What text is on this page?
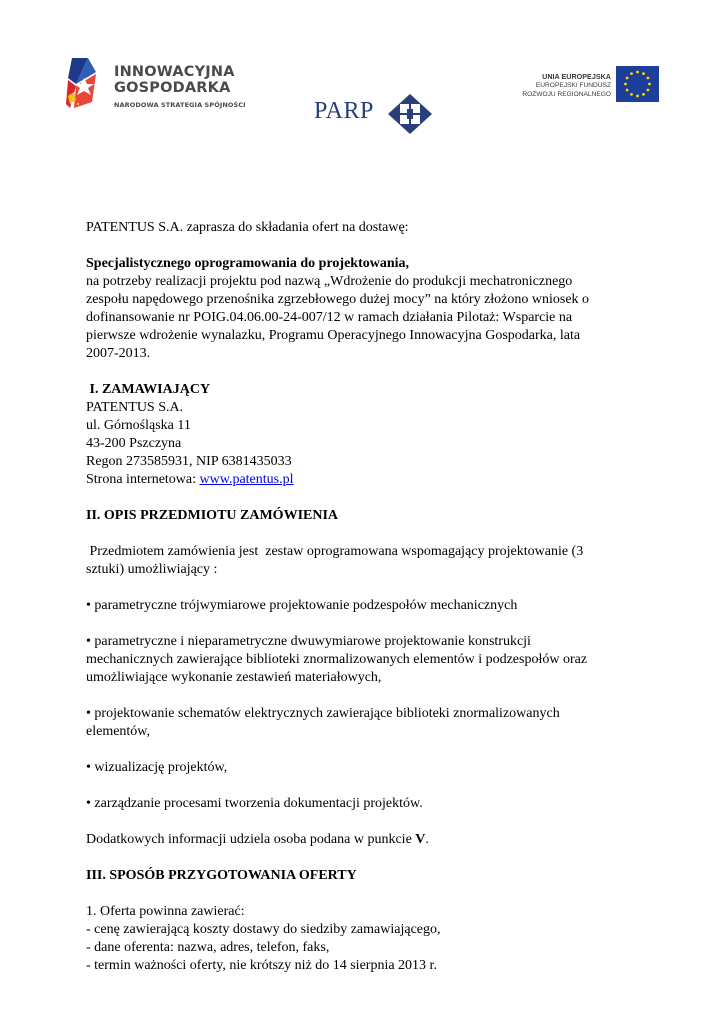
INNOWACYJNA
GOSPODARKA
NARODOWA STRATEGIA SPÓJNOŚCI	PARP
UNIA EUROPEJSKA
EUROPEJSKI FUNDUSZ
ROZWOJU REGIONALNEGO

PATENTUS S.A. zaprasza do składania ofert na dostawę:

Specjalistycznego oprogramowania do projektowania,

na potrzeby realizacji projektu pod nazwą „Wdrożenie do produkcji mechatronicznego

zespołu napędowego przenośnika zgrzebłowego dużej mocy” na który złożono wniosek o

dofinansowanie nr POIG.04.06.00-24-007/12 w ramach działania Pilotaż: Wsparcie na

pierwsze wdrożenie wynalazku, Programu Operacyjnego Innowacyjna Gospodarka, lata

2007-2013.

I. ZAMAWIAJĄCY

PATENTUS S.A.

ul. Górnośląska 11

43-200 Pszczyna

Regon 273585931, NIP 6381435033

Strona internetowa: www.patentus.pl

II. OPIS PRZEDMIOTU ZAMÓWIENIA

Przedmiotem zamówienia jest  zestaw oprogramowana wspomagający projektowanie (3

sztuki) umożliwiający :

• parametryczne trójwymiarowe projektowanie podzespołów mechanicznych

• parametryczne i nieparametryczne dwuwymiarowe projektowanie konstrukcji

mechanicznych zawierające biblioteki znormalizowanych elementów i podzespołów oraz

umożliwiające wykonanie zestawień materiałowych,

• projektowanie schematów elektrycznych zawierające biblioteki znormalizowanych

elementów,

• wizualizację projektów,

• zarządzanie procesami tworzenia dokumentacji projektów.

Dodatkowych informacji udziela osoba podana w punkcie V.

III. SPOSÓB PRZYGOTOWANIA OFERTY

1. Oferta powinna zawierać:

- cenę zawierającą koszty dostawy do siedziby zamawiającego,

- dane oferenta: nazwa, adres, telefon, faks,

- termin ważności oferty, nie krótszy niż do 14 sierpnia 2013 r.
